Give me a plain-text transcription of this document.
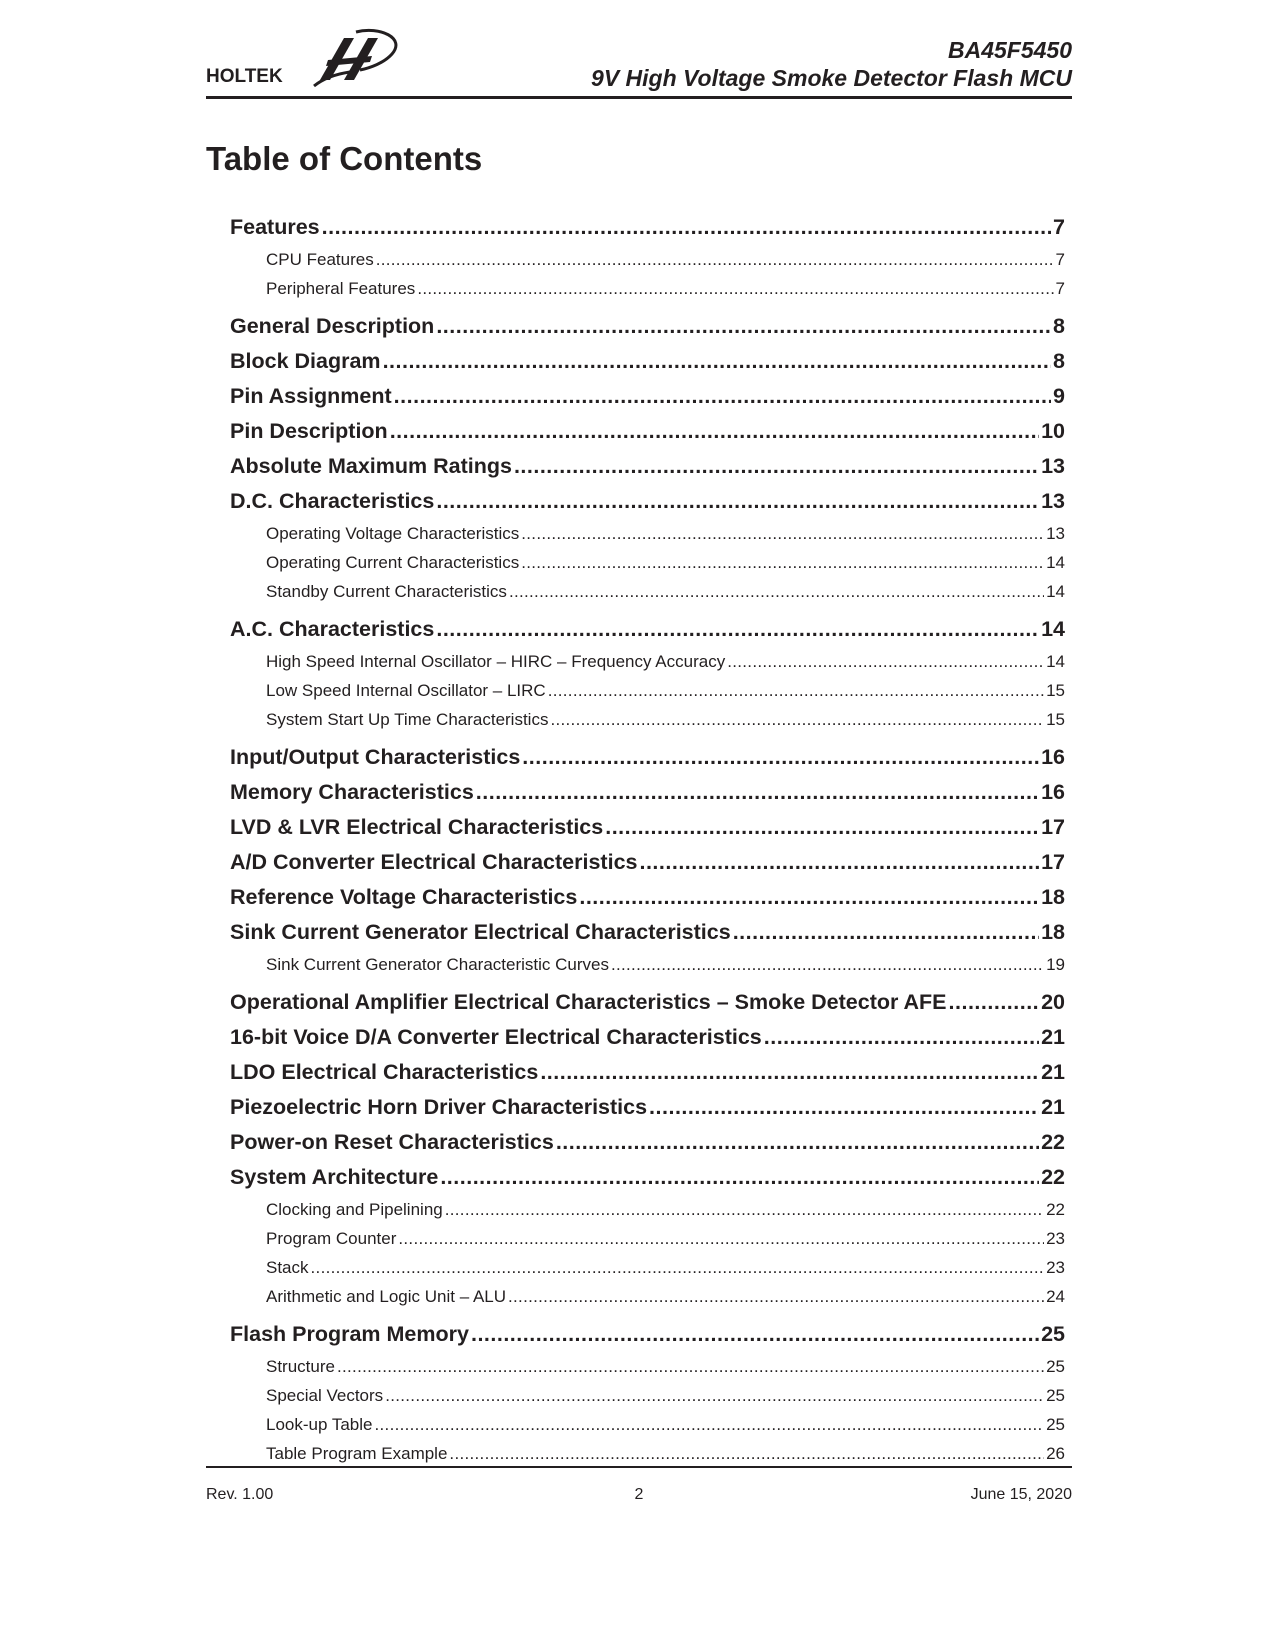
HOLTEK
BA45F5450
9V High Voltage Smoke Detector Flash MCU
Table of Contents
Features .....	7
CPU Features .....	7
Peripheral Features .....	7
General Description .....	8
Block Diagram .....	8
Pin Assignment .....	9
Pin Description .....	10
Absolute Maximum Ratings .....	13
D.C. Characteristics .....	13
Operating Voltage Characteristics .....	13
Operating Current Characteristics .....	14
Standby Current Characteristics .....	14
A.C. Characteristics .....	14
High Speed Internal Oscillator – HIRC – Frequency Accuracy .....	14
Low Speed Internal Oscillator – LIRC .....	15
System Start Up Time Characteristics .....	15
Input/Output Characteristics .....	16
Memory Characteristics .....	16
LVD & LVR Electrical Characteristics .....	17
A/D Converter Electrical Characteristics .....	17
Reference Voltage Characteristics .....	18
Sink Current Generator Electrical Characteristics .....	18
Sink Current Generator Characteristic Curves .....	19
Operational Amplifier Electrical Characteristics – Smoke Detector AFE .....	20
16-bit Voice D/A Converter Electrical Characteristics .....	21
LDO Electrical Characteristics .....	21
Piezoelectric Horn Driver Characteristics .....	21
Power-on Reset Characteristics .....	22
System Architecture .....	22
Clocking and Pipelining .....	22
Program Counter .....	23
Stack .....	23
Arithmetic and Logic Unit – ALU .....	24
Flash Program Memory .....	25
Structure .....	25
Special Vectors .....	25
Look-up Table .....	25
Table Program Example .....	26
Rev. 1.00	2	June 15, 2020
